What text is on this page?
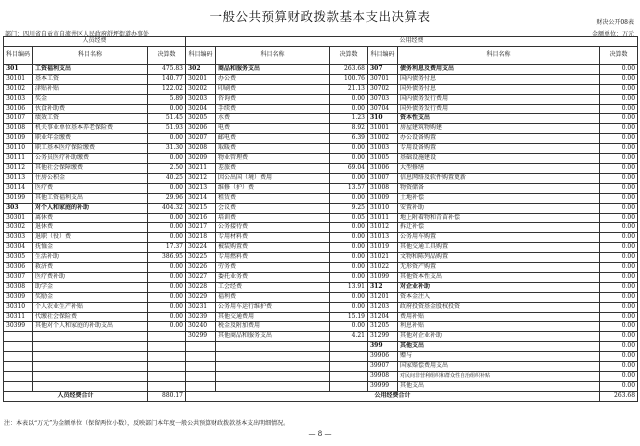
一般公共预算财政拨款基本支出决算表	财决公开08表
部门：四川省自贡市自流井区人民政府舒坪街道办事处	金额单位：万元
人员经费			公用经费					
科目编码	科目名称	决算数	科目编码	科目名称	决算数	科目编码	科目名称	决算数
301	工资福利支出	475.83	302	商品和服务支出	263.68	307	债务利息及费用支出	0.00
30101	基本工资	140.77	30201	办公费	100.76	30701	国内债务付息	0.00
30102	津贴补贴	122.02	30202	印刷费	21.13	30702	国外债务付息	0.00
30103	奖金	5.89	30203	咨询费	0.00	30703	国内债务发行费用	0.00
30106	伙食补助费	0.00	30204	手续费	0.00	30704	国外债务发行费用	0.00
30107	绩效工资	51.45	30205	水费	1.23	310	资本性支出	0.00
30108	机关事业单位基本养老保险费	51.93	30206	电费	8.92	31001	房屋建筑物购建	0.00
30109	职业年金缴费	0.00	30207	邮电费	6.39	31002	办公设备购置	0.00
30110	职工基本医疗保险缴费	31.30	30208	取暖费	0.00	31003	专用设备购置	0.00
30111	公务员医疗补助缴费	0.00	30209	物业管理费	0.00	31005	基础设施建设	0.00
30112	其他社会保障缴费	2.50	30211	差旅费	69.04	31006	大型修缮	0.00
30113	住房公积金	40.25	30212	因公出国（境）费用	0.00	31007	信息网络及软件购置更新	0.00
30114	医疗费	0.00	30213	维修（护）费	13.57	31008	物资储备	0.00
30199	其他工资福利支出	29.96	30214	租赁费	0.00	31009	土地补偿	0.00
303	对个人和家庭的补助	404.32	30215	会议费	9.25	31010	安置补助	0.00
30301	离休费	0.00	30216	培训费	0.05	31011	地上附着物和青苗补偿	0.00
30302	退休费	0.00	30217	公务接待费	0.00	31012	拆迁补偿	0.00
30303	退职（役）费	0.00	30218	专用材料费	0.00	31013	公务用车购置	0.00
30304	抚恤金	17.37	30224	被装购置费	0.00	31019	其他交通工具购置	0.00
30305	生活补助	386.95	30225	专用燃料费	0.00	31021	文物和陈列品购置	0.00
30306	救济费	0.00	30226	劳务费	0.00	31022	无形资产购置	0.00
30307	医疗费补助	0.00	30227	委托业务费	0.00	31099	其他资本性支出	0.00
30308	助学金	0.00	30228	工会经费	13.91	312	对企业补助	0.00
30309	奖励金	0.00	30229	福利费	0.00	31201	资本金注入	0.00
30310	个人农业生产补贴	0.00	30231	公务用车运行维护费	0.00	31203	政府投资基金股权投资	0.00
30311	代缴社会保险费	0.00	30239	其他交通费用	15.19	31204	费用补贴	0.00
30399	其他对个人和家庭的补助支出	0.00	30240	税金及附加费用	0.00	31205	利息补贴	0.00
			30299	其他商品和服务支出	4.21	31299	其他对企业补助	0.00
						399	其他支出	0.00
						39906	赠与	0.00
						39907	国家赔偿费用支出	0.00
						39908	对民间非营利组织和群众性自治组织补贴	0.00
						39999	其他支出	0.00
人员经费合计		880.17	公用经费合计					263.68
注：本表以“万元”为金额单位（保留两位小数），反映部门本年度一般公共预算财政拨款基本支出明细情况。
— 8 —
